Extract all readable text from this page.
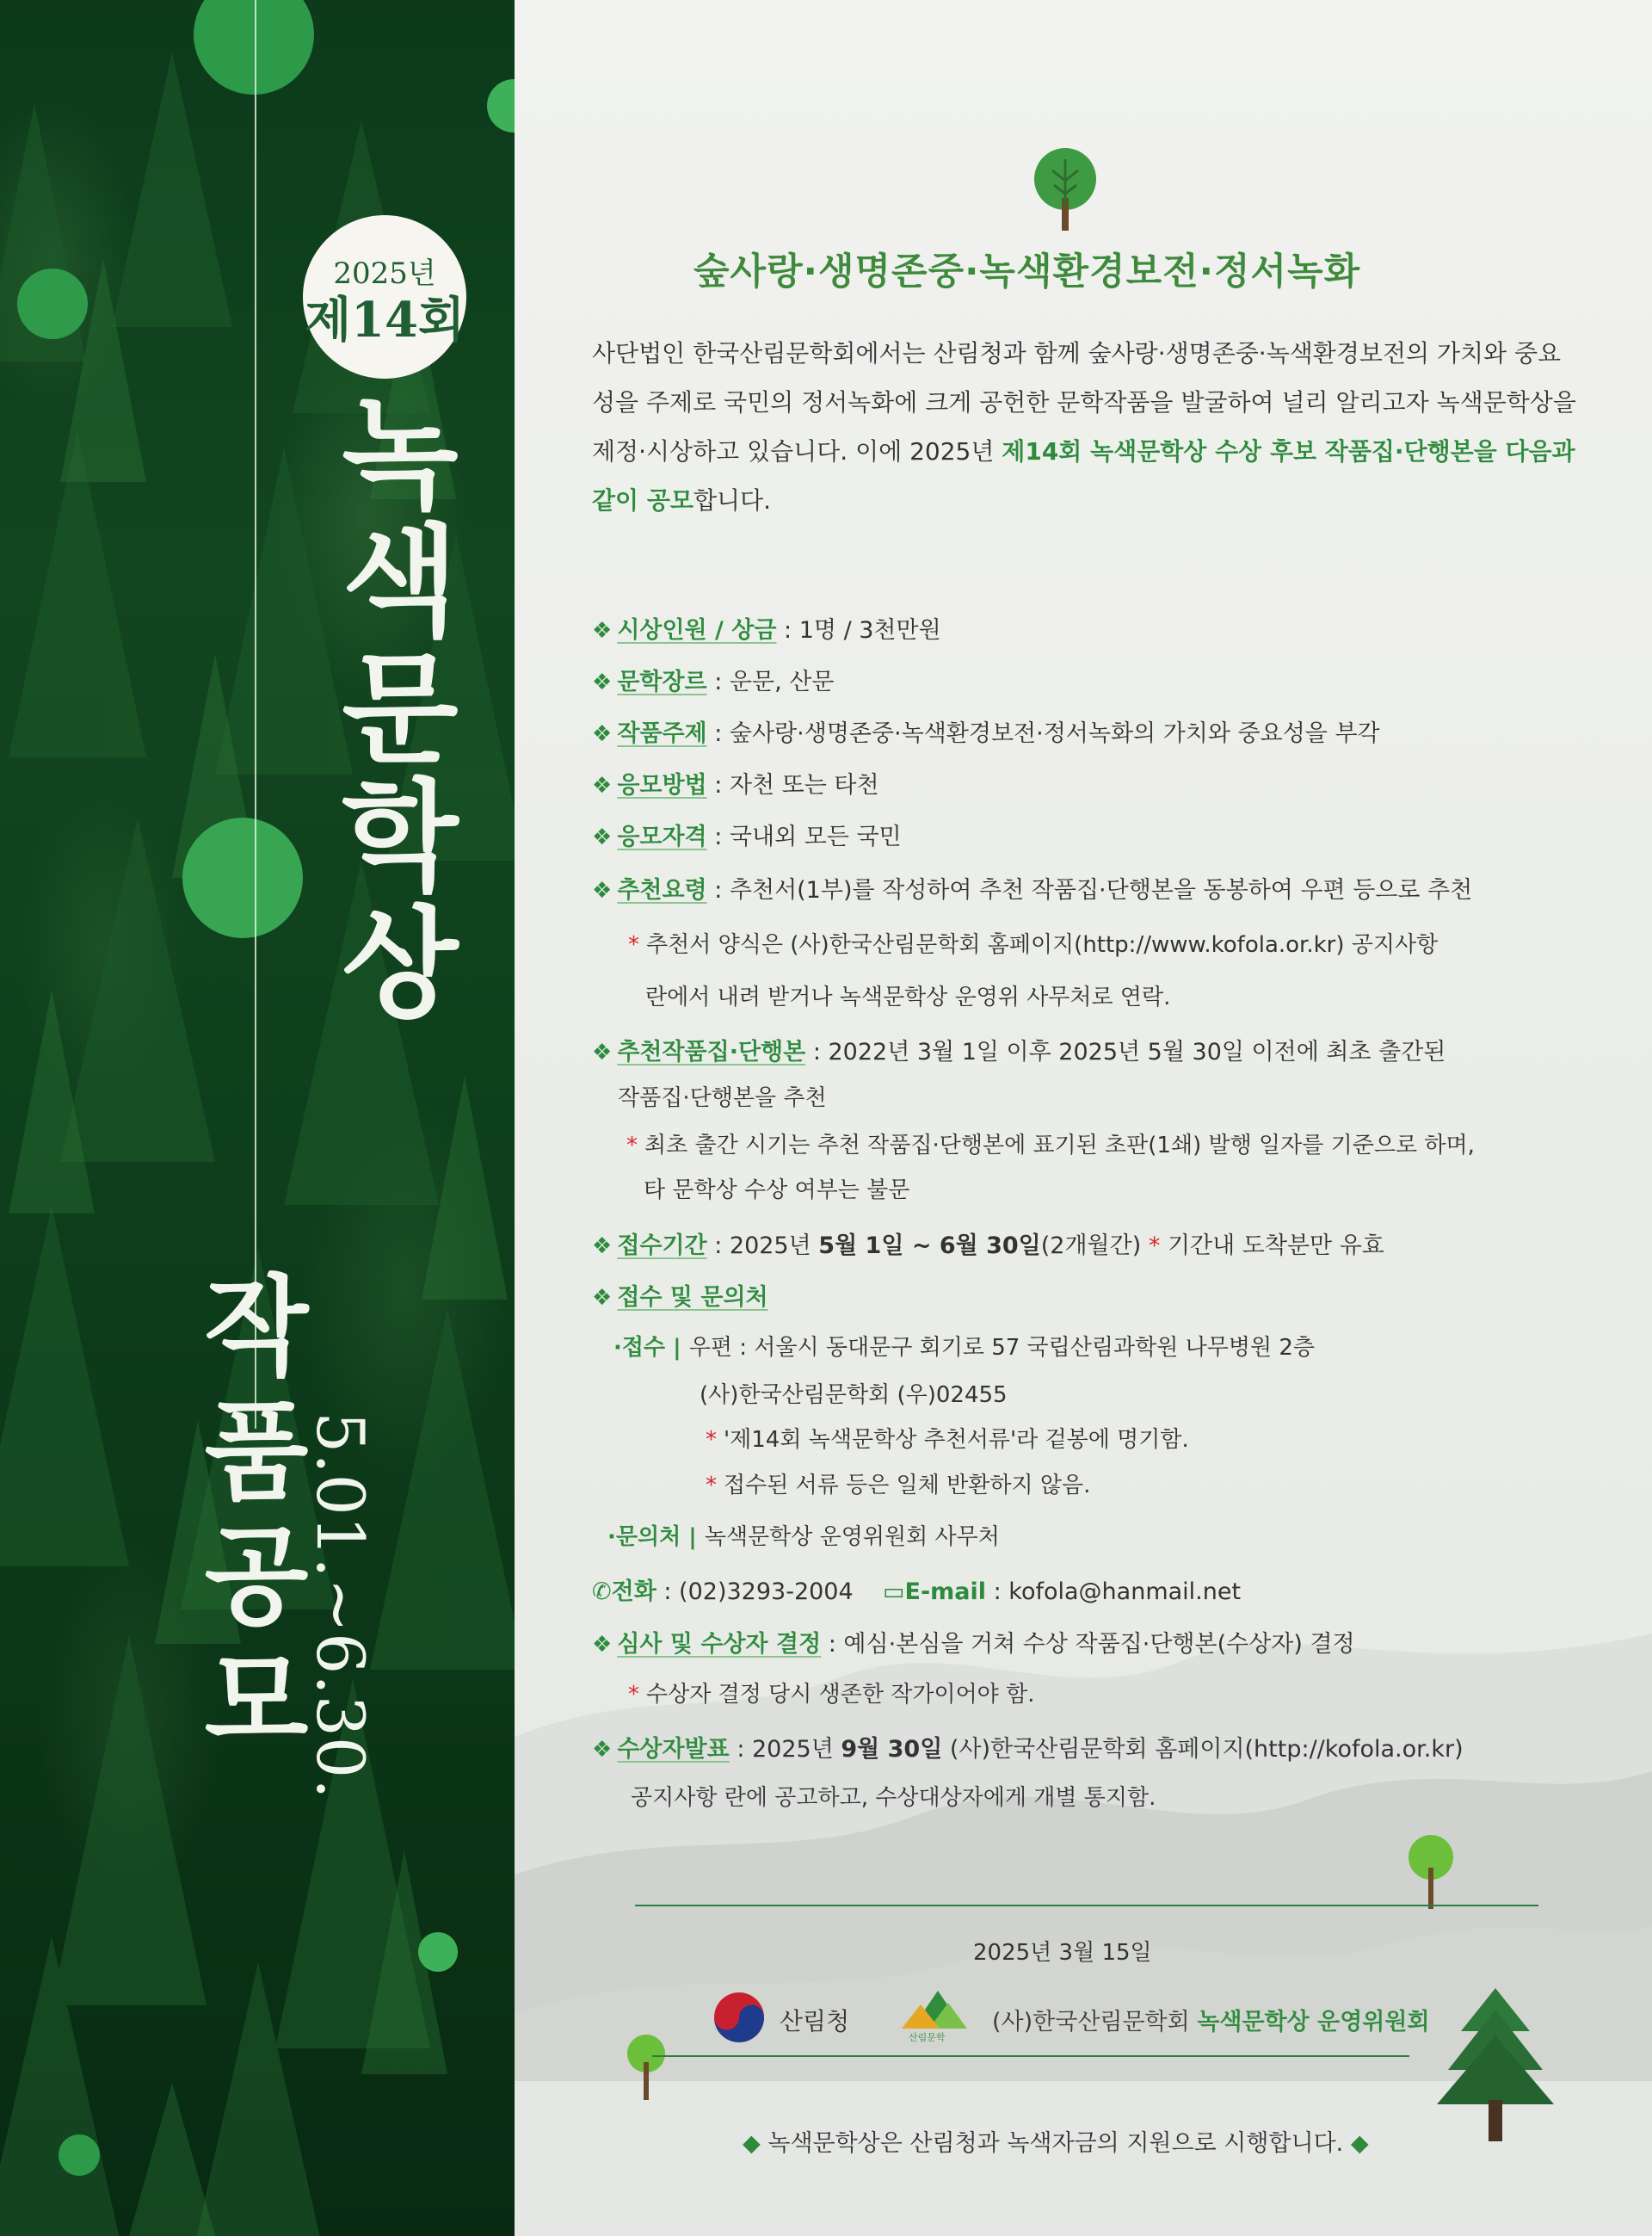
2025년
제14회
녹
색
문
학
상
작
품
공
모
5.01.~6.30.
숲사랑·생명존중·녹색환경보전·정서녹화
사단법인 한국산림문학회에서는 산림청과 함께 숲사랑·생명존중·녹색환경보전의 가치와 중요성을 주제로 국민의 정서녹화에 크게 공헌한 문학작품을 발굴하여 널리 알리고자 녹색문학상을 제정·시상하고 있습니다. 이에 2025년 제14회 녹색문학상 수상 후보 작품집·단행본을 다음과 같이 공모합니다.
❖ 시상인원 / 상금 : 1명 / 3천만원
❖ 문학장르 : 운문, 산문
❖ 작품주제 : 숲사랑·생명존중·녹색환경보전·정서녹화의 가치와 중요성을 부각
❖ 응모방법 : 자천 또는 타천
❖ 응모자격 : 국내외 모든 국민
❖ 추천요령 : 추천서(1부)를 작성하여 추천 작품집·단행본을 동봉하여 우편 등으로 추천
* 추천서 양식은 (사)한국산림문학회 홈페이지(http://www.kofola.or.kr) 공지사항
란에서 내려 받거나 녹색문학상 운영위 사무처로 연락.
❖ 추천작품집·단행본 : 2022년 3월 1일 이후 2025년 5월 30일 이전에 최초 출간된
작품집·단행본을 추천
* 최초 출간 시기는 추천 작품집·단행본에 표기된 초판(1쇄) 발행 일자를 기준으로 하며,
타 문학상 수상 여부는 불문
❖ 접수기간 : 2025년 5월 1일 ~ 6월 30일(2개월간) * 기간내 도착분만 유효
❖ 접수 및 문의처
·접수 | 우편 : 서울시 동대문구 회기로 57 국립산림과학원 나무병원 2층
(사)한국산림문학회 (우)02455
* '제14회 녹색문학상 추천서류'라 겉봉에 명기함.
* 접수된 서류 등은 일체 반환하지 않음.
·문의처 | 녹색문학상 운영위원회 사무처
✆전화 : (02)3293-2004 ▭E-mail : kofola@hanmail.net
❖ 심사 및 수상자 결정 : 예심·본심을 거쳐 수상 작품집·단행본(수상자) 결정
* 수상자 결정 당시 생존한 작가이어야 함.
❖ 수상자발표 : 2025년 9월 30일 (사)한국산림문학회 홈페이지(http://kofola.or.kr)
공지사항 란에 공고하고, 수상대상자에게 개별 통지함.
2025년 3월 15일
산림청
산림문학
(사)한국산림문학회 녹색문학상 운영위원회
◆ 녹색문학상은 산림청과 녹색자금의 지원으로 시행합니다. ◆
